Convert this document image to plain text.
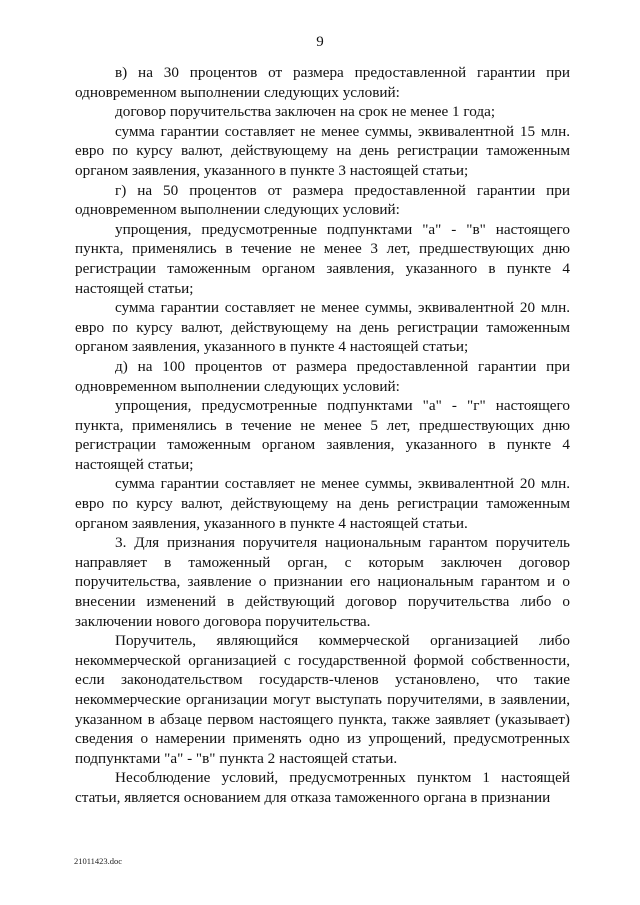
9

в) на 30 процентов от размера предоставленной гарантии при одновременном выполнении следующих условий:

договор поручительства заключен на срок не менее 1 года;

сумма гарантии составляет не менее суммы, эквивалентной 15 млн. евро по курсу валют, действующему на день регистрации таможенным органом заявления, указанного в пункте 3 настоящей статьи;

г) на 50 процентов от размера предоставленной гарантии при одновременном выполнении следующих условий:

упрощения, предусмотренные подпунктами "а" - "в" настоящего пункта, применялись в течение не менее 3 лет, предшествующих дню регистрации таможенным органом заявления, указанного в пункте 4 настоящей статьи;

сумма гарантии составляет не менее суммы, эквивалентной 20 млн. евро по курсу валют, действующему на день регистрации таможенным органом заявления, указанного в пункте 4 настоящей статьи;

д) на 100 процентов от размера предоставленной гарантии при одновременном выполнении следующих условий:

упрощения, предусмотренные подпунктами "а" - "г" настоящего пункта, применялись в течение не менее 5 лет, предшествующих дню регистрации таможенным органом заявления, указанного в пункте 4 настоящей статьи;

сумма гарантии составляет не менее суммы, эквивалентной 20 млн. евро по курсу валют, действующему на день регистрации таможенным органом заявления, указанного в пункте 4 настоящей статьи.

3. Для признания поручителя национальным гарантом поручитель направляет в таможенный орган, с которым заключен договор поручительства, заявление о признании его национальным гарантом и о внесении изменений в действующий договор поручительства либо о заключении нового договора поручительства.

Поручитель, являющийся коммерческой организацией либо некоммерческой организацией с государственной формой собственности, если законодательством государств-членов установлено, что такие некоммерческие организации могут выступать поручителями, в заявлении, указанном в абзаце первом настоящего пункта, также заявляет (указывает) сведения о намерении применять одно из упрощений, предусмотренных подпунктами "а" - "в" пункта 2 настоящей статьи.

Несоблюдение условий, предусмотренных пунктом 1 настоящей статьи, является основанием для отказа таможенного органа в признании

21011423.doc
